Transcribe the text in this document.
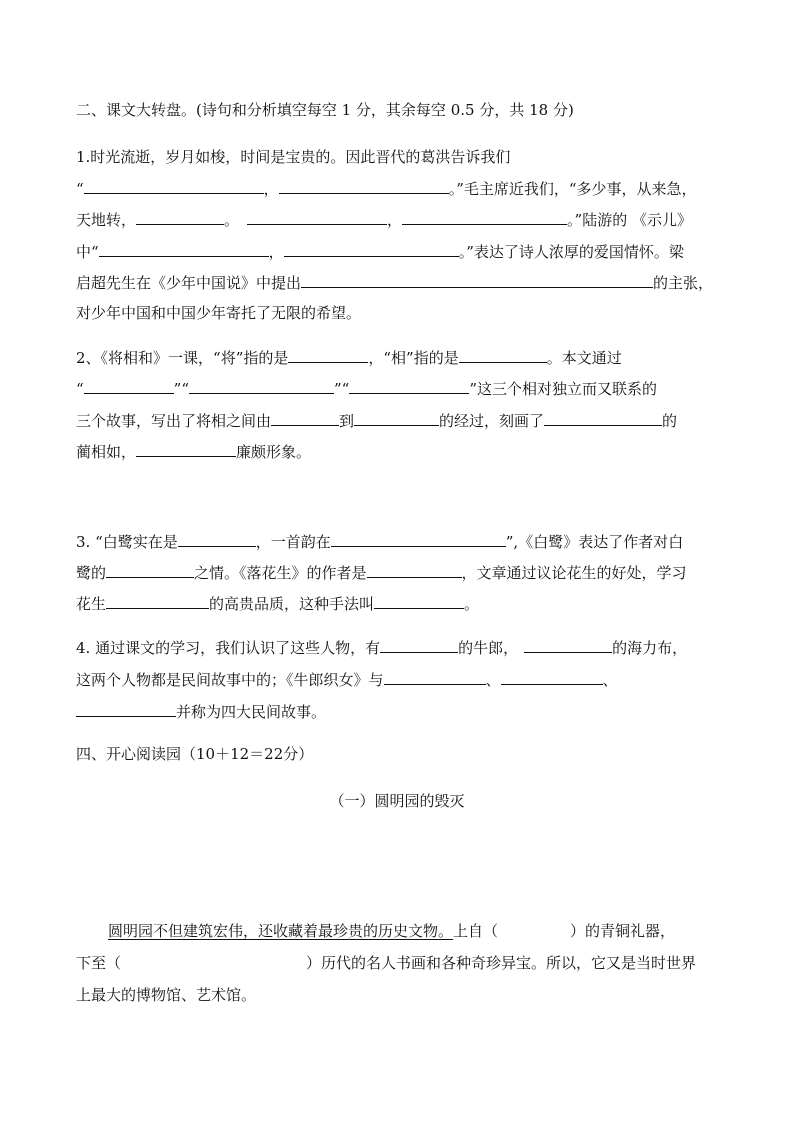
二、课文大转盘。(诗句和分析填空每空 1 分，其余每空 0.5 分，共 18 分)
1.时光流逝，岁月如梭，时间是宝贵的。因此晋代的葛洪告诉我们
“	，	。”毛主席近我们，“多少事，从来急，
天地转，	。	，	。”陆游的 《示儿》
中“	，	。”表达了诗人浓厚的爱国情怀。梁
启超先生在《少年中国说》中提出	的主张，
对少年中国和中国少年寄托了无限的希望。
2、《将相和》一课，“将”指的是	，“相”指的是	。本文通过
“	”“	”“	”这三个相对独立而又联系的
三个故事，写出了将相之间由	到	的经过，刻画了	的
蔺相如，	廉颇形象。
3. “白鹭实在是	，一首韵在	”,《白鹭》表达了作者对白
鹭的	之情。《落花生》的作者是	，文章通过议论花生的好处，学习
花生	的高贵品质，这种手法叫	。
4. 通过课文的学习，我们认识了这些人物，有	的牛郎，	的海力布，
这两个人物都是民间故事中的；《牛郎织女》与	、	、
并称为四大民间故事。
四、开心阅读园（10＋12＝22分）
（一）圆明园的毁灭
圆明园不但建筑宏伟，还收藏着最珍贵的历史文物。上自（	）的青铜礼器，
下至（	）历代的名人书画和各种奇珍异宝。所以，它又是当时世界
上最大的博物馆、艺术馆。
